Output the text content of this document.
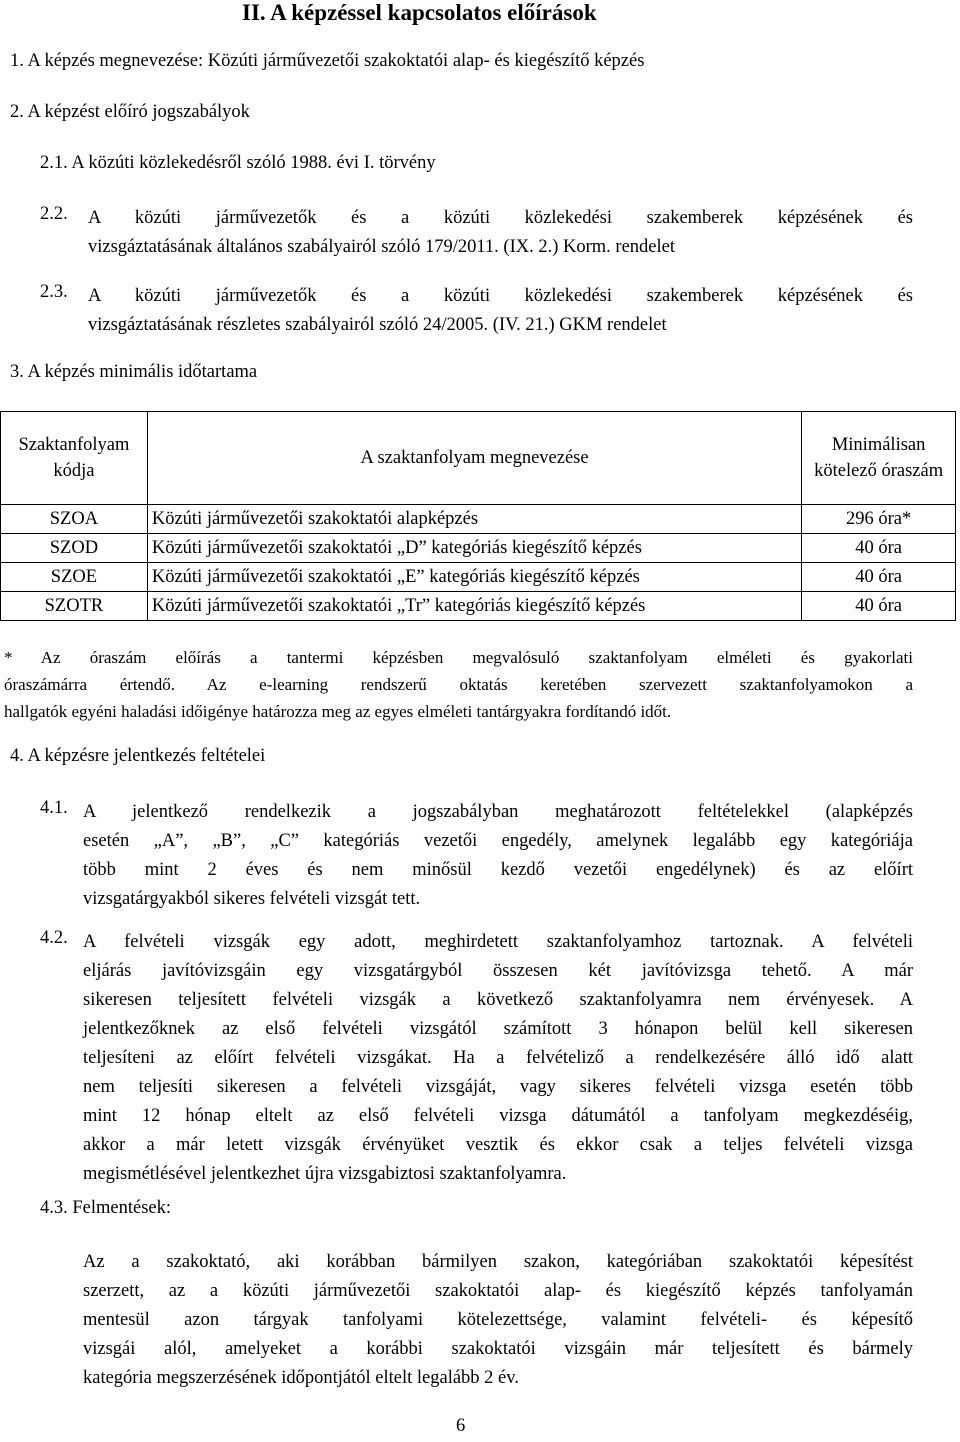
II. A képzéssel kapcsolatos előírások
1. A képzés megnevezése: Közúti járművezetői szakoktatói alap- és kiegészítő képzés
2. A képzést előíró jogszabályok
2.1. A közúti közlekedésről szóló 1988. évi I. törvény
2.2. A közúti járművezetők és a közúti közlekedési szakemberek képzésének és
vizsgáztatásának általános szabályairól szóló 179/2011. (IX. 2.) Korm. rendelet
2.3. A közúti járművezetők és a közúti közlekedési szakemberek képzésének és
vizsgáztatásának részletes szabályairól szóló 24/2005. (IV. 21.) GKM rendelet
3. A képzés minimális időtartama
Szaktanfolyam kódja	A szaktanfolyam megnevezése	Minimálisan kötelező óraszám
SZOA	Közúti járművezetői szakoktatói alapképzés	296 óra*
SZOD	Közúti járművezetői szakoktatói „D” kategóriás kiegészítő képzés	40 óra
SZOE	Közúti járművezetői szakoktatói „E” kategóriás kiegészítő képzés	40 óra
SZOTR	Közúti járművezetői szakoktatói „Tr” kategóriás kiegészítő képzés	40 óra
* Az óraszám előírás a tantermi képzésben megvalósuló szaktanfolyam elméleti és gyakorlati
óraszámárra értendő. Az e-learning rendszerű oktatás keretében szervezett szaktanfolyamokon a
hallgatók egyéni haladási időigénye határozza meg az egyes elméleti tantárgyakra fordítandó időt.
4. A képzésre jelentkezés feltételei
4.1. A jelentkező rendelkezik a jogszabályban meghatározott feltételekkel (alapképzés
esetén „A”, „B”, „C” kategóriás vezetői engedély, amelynek legalább egy kategóriája
több mint 2 éves és nem minősül kezdő vezetői engedélynek) és az előírt
vizsgatárgyakból sikeres felvételi vizsgát tett.
4.2. A felvételi vizsgák egy adott, meghirdetett szaktanfolyamhoz tartoznak. A felvételi
eljárás javítóvizsgáin egy vizsgatárgyból összesen két javítóvizsga tehető. A már
sikeresen teljesített felvételi vizsgák a következő szaktanfolyamra nem érvényesek. A
jelentkezőknek az első felvételi vizsgától számított 3 hónapon belül kell sikeresen
teljesíteni az előírt felvételi vizsgákat. Ha a felvételiző a rendelkezésére álló idő alatt
nem teljesíti sikeresen a felvételi vizsgáját, vagy sikeres felvételi vizsga esetén több
mint 12 hónap eltelt az első felvételi vizsga dátumától a tanfolyam megkezdéséig,
akkor a már letett vizsgák érvényüket vesztik és ekkor csak a teljes felvételi vizsga
megismétlésével jelentkezhet újra vizsgabiztosi szaktanfolyamra.
4.3. Felmentések:
Az a szakoktató, aki korábban bármilyen szakon, kategóriában szakoktatói képesítést
szerzett, az a közúti járművezetői szakoktatói alap- és kiegészítő képzés tanfolyamán
mentesül azon tárgyak tanfolyami kötelezettsége, valamint felvételi- és képesítő
vizsgái alól, amelyeket a korábbi szakoktatói vizsgáin már teljesített és bármely
kategória megszerzésének időpontjától eltelt legalább 2 év.
6
